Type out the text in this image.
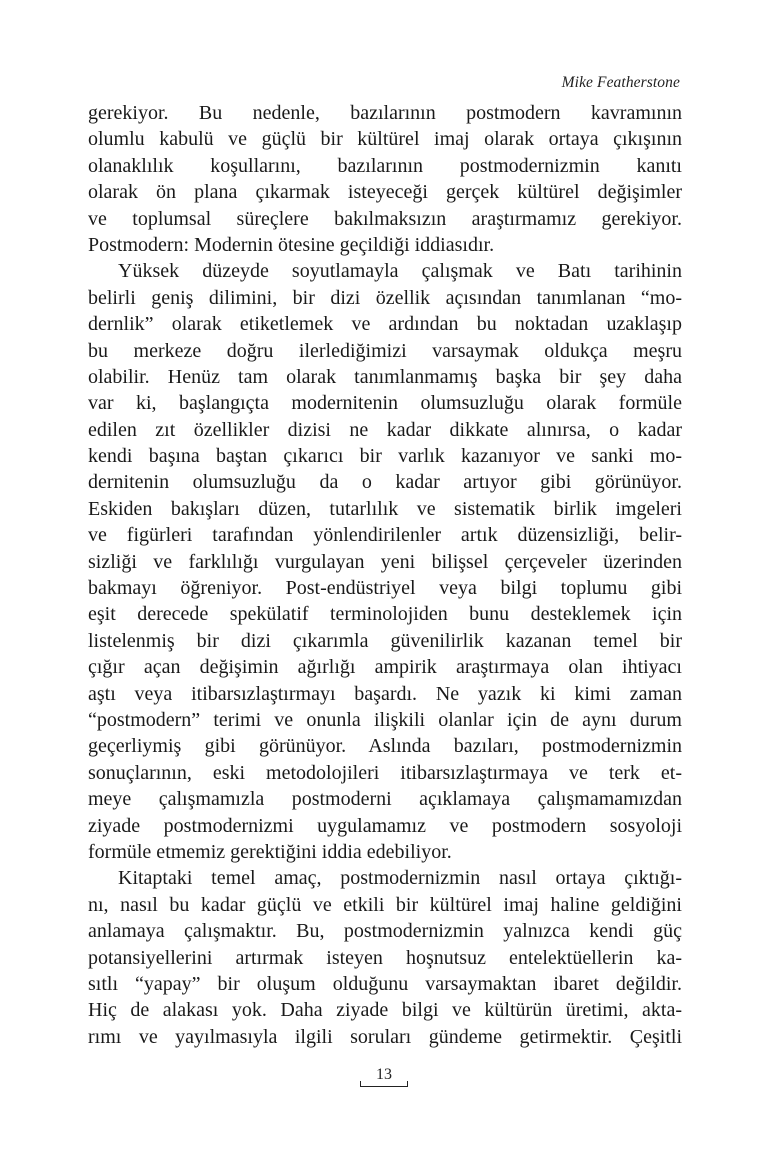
Mike Featherstone
gerekiyor. Bu nedenle, bazılarının postmodern kavramının
olumlu kabulü ve güçlü bir kültürel imaj olarak ortaya çıkışının
olanaklılık koşullarını, bazılarının postmodernizmin kanıtı
olarak ön plana çıkarmak isteyeceği gerçek kültürel değişimler
ve toplumsal süreçlere bakılmaksızın araştırmamız gerekiyor.
Postmodern: Modernin ötesine geçildiği iddiasıdır.
Yüksek düzeyde soyutlamayla çalışmak ve Batı tarihinin
belirli geniş dilimini, bir dizi özellik açısından tanımlanan “mo-
dernlik” olarak etiketlemek ve ardından bu noktadan uzaklaşıp
bu merkeze doğru ilerlediğimizi varsaymak oldukça meşru
olabilir. Henüz tam olarak tanımlanmamış başka bir şey daha
var ki, başlangıçta modernitenin olumsuzluğu olarak formüle
edilen zıt özellikler dizisi ne kadar dikkate alınırsa, o kadar
kendi başına baştan çıkarıcı bir varlık kazanıyor ve sanki mo-
dernitenin olumsuzluğu da o kadar artıyor gibi görünüyor.
Eskiden bakışları düzen, tutarlılık ve sistematik birlik imgeleri
ve figürleri tarafından yönlendirilenler artık düzensizliği, belir-
sizliği ve farklılığı vurgulayan yeni bilişsel çerçeveler üzerinden
bakmayı öğreniyor. Post-endüstriyel veya bilgi toplumu gibi
eşit derecede spekülatif terminolojiden bunu desteklemek için
listelenmiş bir dizi çıkarımla güvenilirlik kazanan temel bir
çığır açan değişimin ağırlığı ampirik araştırmaya olan ihtiyacı
aştı veya itibarsızlaştırmayı başardı. Ne yazık ki kimi zaman
“postmodern” terimi ve onunla ilişkili olanlar için de aynı durum
geçerliymiş gibi görünüyor. Aslında bazıları, postmodernizmin
sonuçlarının, eski metodolojileri itibarsızlaştırmaya ve terk et-
meye çalışmamızla postmoderni açıklamaya çalışmamamızdan
ziyade postmodernizmi uygulamamız ve postmodern sosyoloji
formüle etmemiz gerektiğini iddia edebiliyor.
Kitaptaki temel amaç, postmodernizmin nasıl ortaya çıktığı-
nı, nasıl bu kadar güçlü ve etkili bir kültürel imaj haline geldiğini
anlamaya çalışmaktır. Bu, postmodernizmin yalnızca kendi güç
potansiyellerini artırmak isteyen hoşnutsuz entelektüellerin ka-
sıtlı “yapay” bir oluşum olduğunu varsaymaktan ibaret değildir.
Hiç de alakası yok. Daha ziyade bilgi ve kültürün üretimi, akta-
rımı ve yayılmasıyla ilgili soruları gündeme getirmektir. Çeşitli
13
